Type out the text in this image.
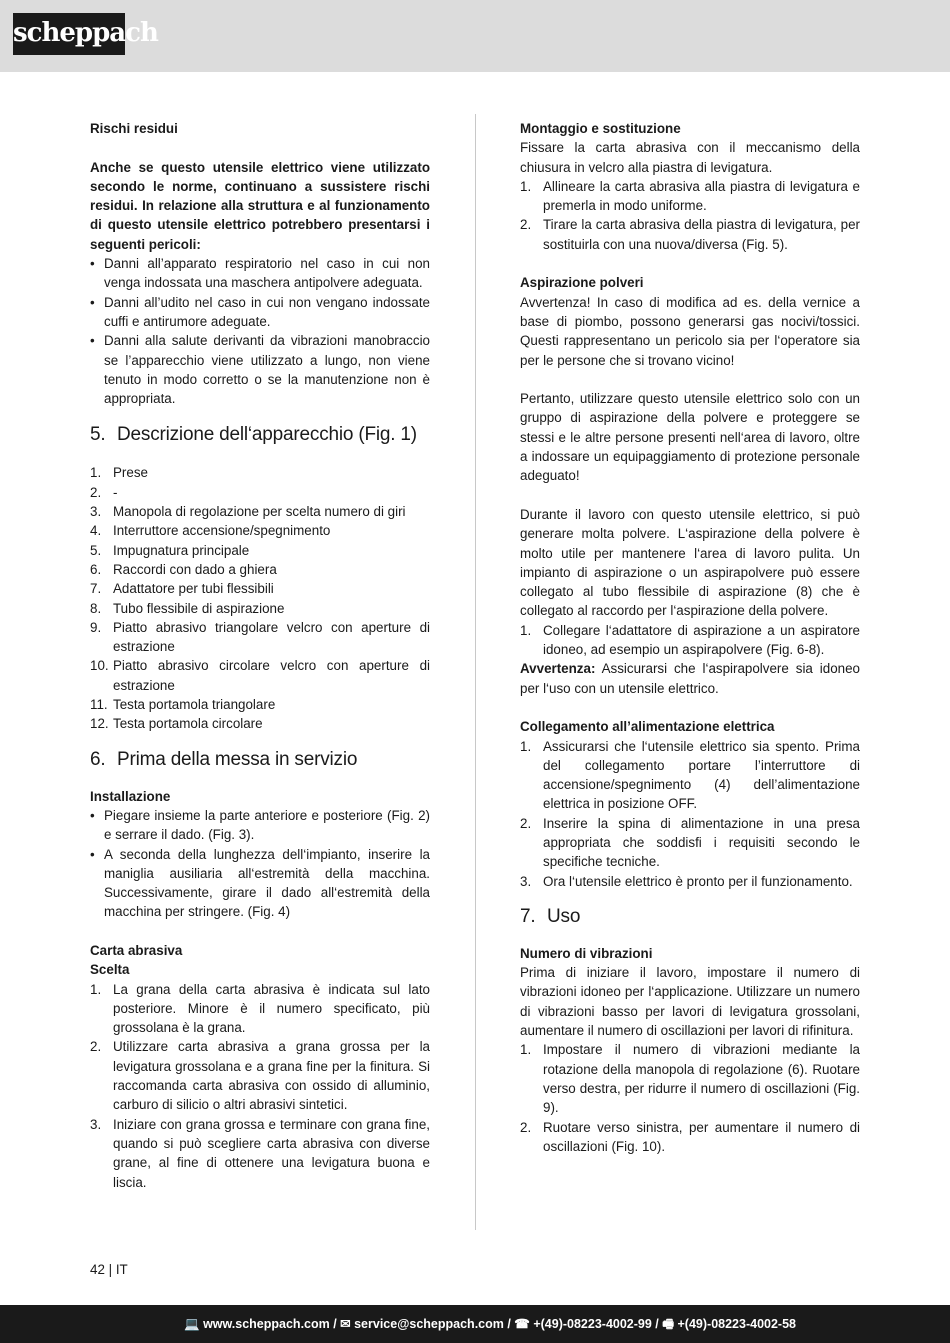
scheppach

Rischi residui

Anche se questo utensile elettrico viene utilizzato secondo le norme, continuano a sussistere rischi residui. In relazione alla struttura e al funzionamento di questo utensile elettrico potrebbero presentarsi i seguenti pericoli:

• Danni all’apparato respiratorio nel caso in cui non venga indossata una maschera antipolvere adeguata.
• Danni all’udito nel caso in cui non vengano indossate cuffi e antirumore adeguate.
• Danni alla salute derivanti da vibrazioni manobraccio se l’apparecchio viene utilizzato a lungo, non viene tenuto in modo corretto o se la manutenzione non è appropriata.
5. Descrizione dell‘apparecchio (Fig. 1)
1. Prese
2. -
3. Manopola di regolazione per scelta numero di giri
4. Interruttore accensione/spegnimento
5. Impugnatura principale
6. Raccordi con dado a ghiera
7. Adattatore per tubi flessibili
8. Tubo flessibile di aspirazione
9. Piatto abrasivo triangolare velcro con aperture di estrazione
10. Piatto abrasivo circolare velcro con aperture di estrazione
11. Testa portamola triangolare
12. Testa portamola circolare
6. Prima della messa in servizio

Installazione

• Piegare insieme la parte anteriore e posteriore (Fig. 2) e serrare il dado. (Fig. 3).
• A seconda della lunghezza dell‘impianto, inserire la maniglia ausiliaria all‘estremità della macchina. Successivamente, girare il dado all‘estremità della macchina per stringere. (Fig. 4)

Carta abrasiva

Scelta

1. La grana della carta abrasiva è indicata sul lato posteriore. Minore è il numero specificato, più grossolana è la grana.
2. Utilizzare carta abrasiva a grana grossa per la levigatura grossolana e a grana fine per la finitura. Si raccomanda carta abrasiva con ossido di alluminio, carburo di silicio o altri abrasivi sintetici.
3. Iniziare con grana grossa e terminare con grana fine, quando si può scegliere carta abrasiva con diverse grane, al fine di ottenere una levigatura buona e liscia.

Montaggio e sostituzione

Fissare la carta abrasiva con il meccanismo della chiusura in velcro alla piastra di levigatura.

1. Allineare la carta abrasiva alla piastra di levigatura e premerla in modo uniforme.
2. Tirare la carta abrasiva della piastra di levigatura, per sostituirla con una nuova/diversa (Fig. 5).

Aspirazione polveri

Avvertenza! In caso di modifica ad es. della vernice a base di piombo, possono generarsi gas nocivi/tossici. Questi rappresentano un pericolo sia per l‘operatore sia per le persone che si trovano vicino!

Pertanto, utilizzare questo utensile elettrico solo con un gruppo di aspirazione della polvere e proteggere se stessi e le altre persone presenti nell‘area di lavoro, oltre a indossare un equipaggiamento di protezione personale adeguato!

Durante il lavoro con questo utensile elettrico, si può generare molta polvere. L‘aspirazione della polvere è molto utile per mantenere l‘area di lavoro pulita. Un impianto di aspirazione o un aspirapolvere può essere collegato al tubo flessibile di aspirazione (8) che è collegato al raccordo per l‘aspirazione della polvere.

1. Collegare l‘adattatore di aspirazione a un aspiratore idoneo, ad esempio un aspirapolvere (Fig. 6-8).

Avvertenza: Assicurarsi che l‘aspirapolvere sia idoneo per l‘uso con un utensile elettrico.

Collegamento all’alimentazione elettrica

1. Assicurarsi che l‘utensile elettrico sia spento. Prima del collegamento portare l’interruttore di accensione/spegnimento (4) dell’alimentazione elettrica in posizione OFF.
2. Inserire la spina di alimentazione in una presa appropriata che soddisfi i requisiti secondo le specifiche tecniche.
3. Ora l‘utensile elettrico è pronto per il funzionamento.
7. Uso

Numero di vibrazioni

Prima di iniziare il lavoro, impostare il numero di vibrazioni idoneo per l‘applicazione. Utilizzare un numero di vibrazioni basso per lavori di levigatura grossolani, aumentare il numero di oscillazioni per lavori di rifinitura.

1. Impostare il numero di vibrazioni mediante la rotazione della manopola di regolazione (6). Ruotare verso destra, per ridurre il numero di oscillazioni (Fig. 9).
2. Ruotare verso sinistra, per aumentare il numero di oscillazioni (Fig. 10).
42 | IT
💻 www.scheppach.com / ✉ service@scheppach.com / ☎ +(49)-08223-4002-99 / 🖷 +(49)-08223-4002-58
